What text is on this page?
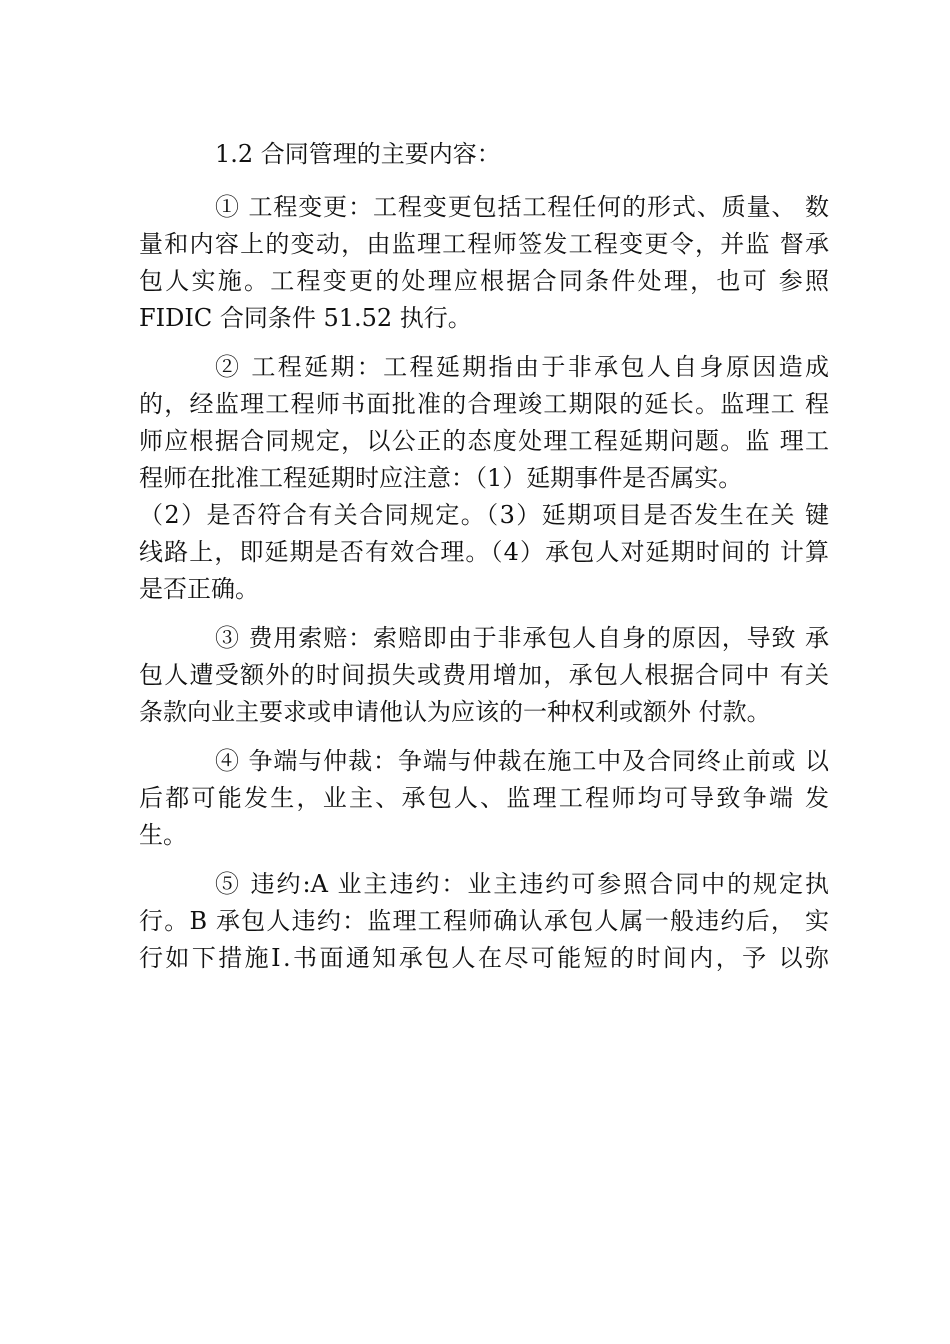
1.2 合同管理的主要内容：
① 工程变更：工程变更包括工程任何的形式、质量、 数
量和内容上的变动，由监理工程师签发工程变更令，并监 督承
包人实施。工程变更的处理应根据合同条件处理，也可 参照
FIDIC 合同条件 51.52 执行。
② 工程延期：工程延期指由于非承包人自身原因造成
的，经监理工程师书面批准的合理竣工期限的延长。监理工 程
师应根据合同规定，以公正的态度处理工程延期问题。监 理工
程师在批准工程延期时应注意：（1）延期事件是否属实。
（2）是否符合有关合同规定。（3）延期项目是否发生在关 键
线路上，即延期是否有效合理。（4）承包人对延期时间的 计算
是否正确。
③ 费用索赔：索赔即由于非承包人自身的原因，导致 承
包人遭受额外的时间损失或费用增加，承包人根据合同中 有关
条款向业主要求或申请他认为应该的一种权利或额外 付款。
④ 争端与仲裁：争端与仲裁在施工中及合同终止前或 以
后都可能发生，业主、承包人、监理工程师均可导致争端 发
生。
⑤ 违约:A 业主违约：业主违约可参照合同中的规定执
行。B 承包人违约：监理工程师确认承包人属一般违约后， 实
行如下措施Ⅰ.书面通知承包人在尽可能短的时间内，予 以弥
